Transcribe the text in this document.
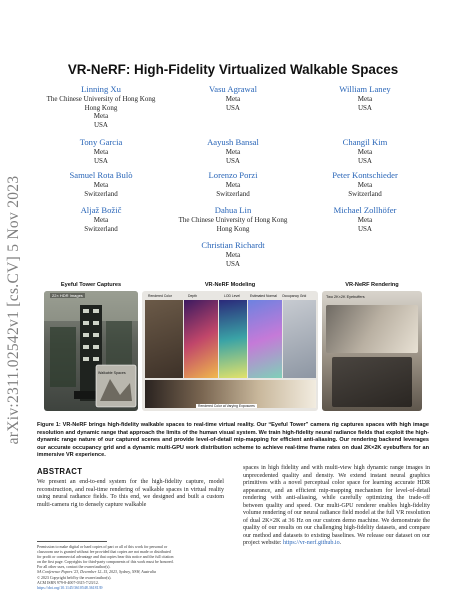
arXiv:2311.02542v1 [cs.CV] 5 Nov 2023
VR-NeRF: High-Fidelity Virtualized Walkable Spaces
Linning Xu
The Chinese University of Hong Kong
Hong Kong
Meta
USA
Vasu Agrawal
Meta
USA
William Laney
Meta
USA
Tony Garcia
Meta
USA
Aayush Bansal
Meta
USA
Changil Kim
Meta
USA
Samuel Rota Bulò
Meta
Switzerland
Lorenzo Porzi
Meta
Switzerland
Peter Kontschieder
Meta
Switzerland
Aljaž Božič
Meta
Switzerland
Dahua Lin
The Chinese University of Hong Kong
Hong Kong
Michael Zollhöfer
Meta
USA
Christian Richardt
Meta
USA
Eyeful Tower Captures	VR-NeRF Modeling	VR-NeRF Rendering
22× HDR Images
Walkable Spaces
Rendered Color	Depth	LOD Level	Estimated Normal Occupancy Grid
Rendered Color at Varying Exposures
Two 2K×2K Eyebuffers
Figure 1: VR-NeRF brings high-fidelity walkable spaces to real-time virtual reality. Our “Eyeful Tower” camera rig captures spaces with high image resolution and dynamic range that approach the limits of the human visual system. We train high-fidelity neural radiance fields that exploit the high-dynamic range nature of our captured scenes and provide level-of-detail mip-mapping for efficient anti-aliasing. Our rendering backend leverages our accurate occupancy grid and a dynamic multi-GPU work distribution scheme to achieve real-time frame rates on dual 2K×2K eyebuffers for an immersive VR experience.
ABSTRACT
We present an end-to-end system for the high-fidelity capture, model reconstruction, and real-time rendering of walkable spaces in virtual reality using neural radiance fields. To this end, we designed and built a custom multi-camera rig to densely capture walkable
spaces in high fidelity and with multi-view high dynamic range images in unprecedented quality and density. We extend instant neural graphics primitives with a novel perceptual color space for learning accurate HDR appearance, and an efficient mip-mapping mechanism for level-of-detail rendering with anti-aliasing, while carefully optimizing the trade-off between quality and speed. Our multi-GPU renderer enables high-fidelity volume rendering of our neural radiance field model at the full VR resolution of dual 2K×2K at 36 Hz on our custom demo machine. We demonstrate the quality of our results on our challenging high-fidelity datasets, and compare our method and datasets to existing baselines. We release our dataset on our project website: https://vr-nerf.github.io.
Permission to make digital or hard copies of part or all of this work for personal or
classroom use is granted without fee provided that copies are not made or distributed
for profit or commercial advantage and that copies bear this notice and the full citation
on the first page. Copyrights for third-party components of this work must be honored.
For all other uses, contact the owner/author(s).
SA Conference Papers '23, December 12–15, 2023, Sydney, NSW, Australia
© 2023 Copyright held by the owner/author(s).
ACM ISBN 979-8-4007-0315-7/23/12.
https://doi.org/10.1145/3610548.3618139
